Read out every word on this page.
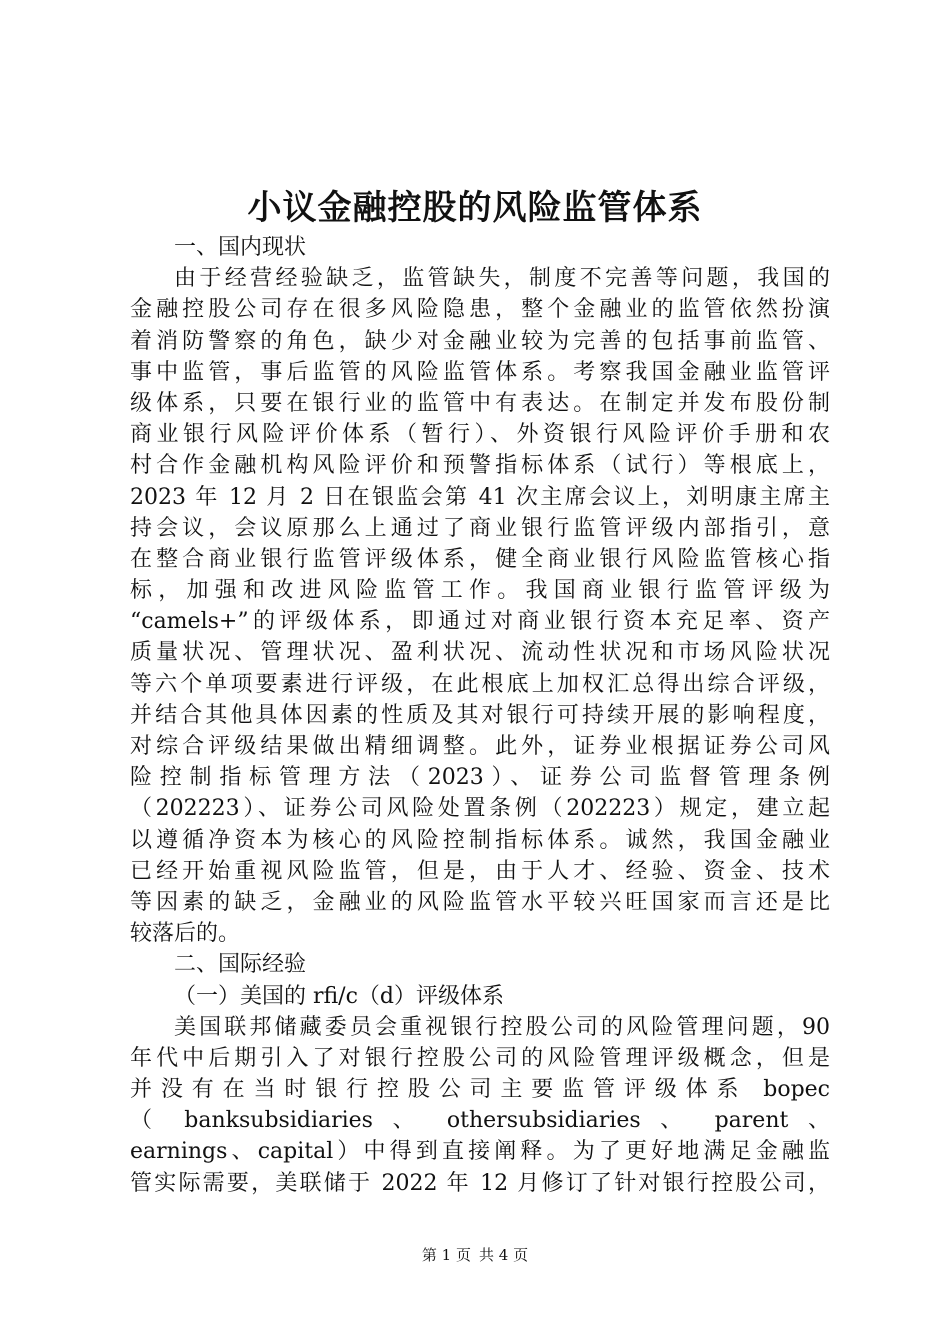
小议金融控股的风险监管体系
一、国内现状
由于经营经验缺乏，监管缺失，制度不完善等问题，我国的
金融控股公司存在很多风险隐患，整个金融业的监管依然扮演
着消防警察的角色，缺少对金融业较为完善的包括事前监管、
事中监管，事后监管的风险监管体系。考察我国金融业监管评
级体系，只要在银行业的监管中有表达。在制定并发布股份制
商业银行风险评价体系（暂行）、外资银行风险评价手册和农
村合作金融机构风险评价和预警指标体系（试行）等根底上，
2023 年 12 月 2 日在银监会第 41 次主席会议上，刘明康主席主
持会议，会议原那么上通过了商业银行监管评级内部指引，意
在整合商业银行监管评级体系，健全商业银行风险监管核心指
标，加强和改进风险监管工作。我国商业银行监管评级为
“camels+”的评级体系，即通过对商业银行资本充足率、资产
质量状况、管理状况、盈利状况、流动性状况和市场风险状况
等六个单项要素进行评级，在此根底上加权汇总得出综合评级，
并结合其他具体因素的性质及其对银行可持续开展的影响程度，
对综合评级结果做出精细调整。此外，证券业根据证券公司风
险控制指标管理方法（2023）、证券公司监督管理条例
（202223）、证券公司风险处置条例（202223）规定，建立起
以遵循净资本为核心的风险控制指标体系。诚然，我国金融业
已经开始重视风险监管，但是，由于人才、经验、资金、技术
等因素的缺乏，金融业的风险监管水平较兴旺国家而言还是比
较落后的。
二、国际经验
（一）美国的 rfi/c（d）评级体系
美国联邦储藏委员会重视银行控股公司的风险管理问题，90
年代中后期引入了对银行控股公司的风险管理评级概念，但是
并没有在当时银行控股公司主要监管评级体系 bopec
（ banksubsidiaries 、 othersubsidiaries 、 parent 、
earnings、capital）中得到直接阐释。为了更好地满足金融监
管实际需要，美联储于 2022 年 12 月修订了针对银行控股公司，
第 1 页 共 4 页
